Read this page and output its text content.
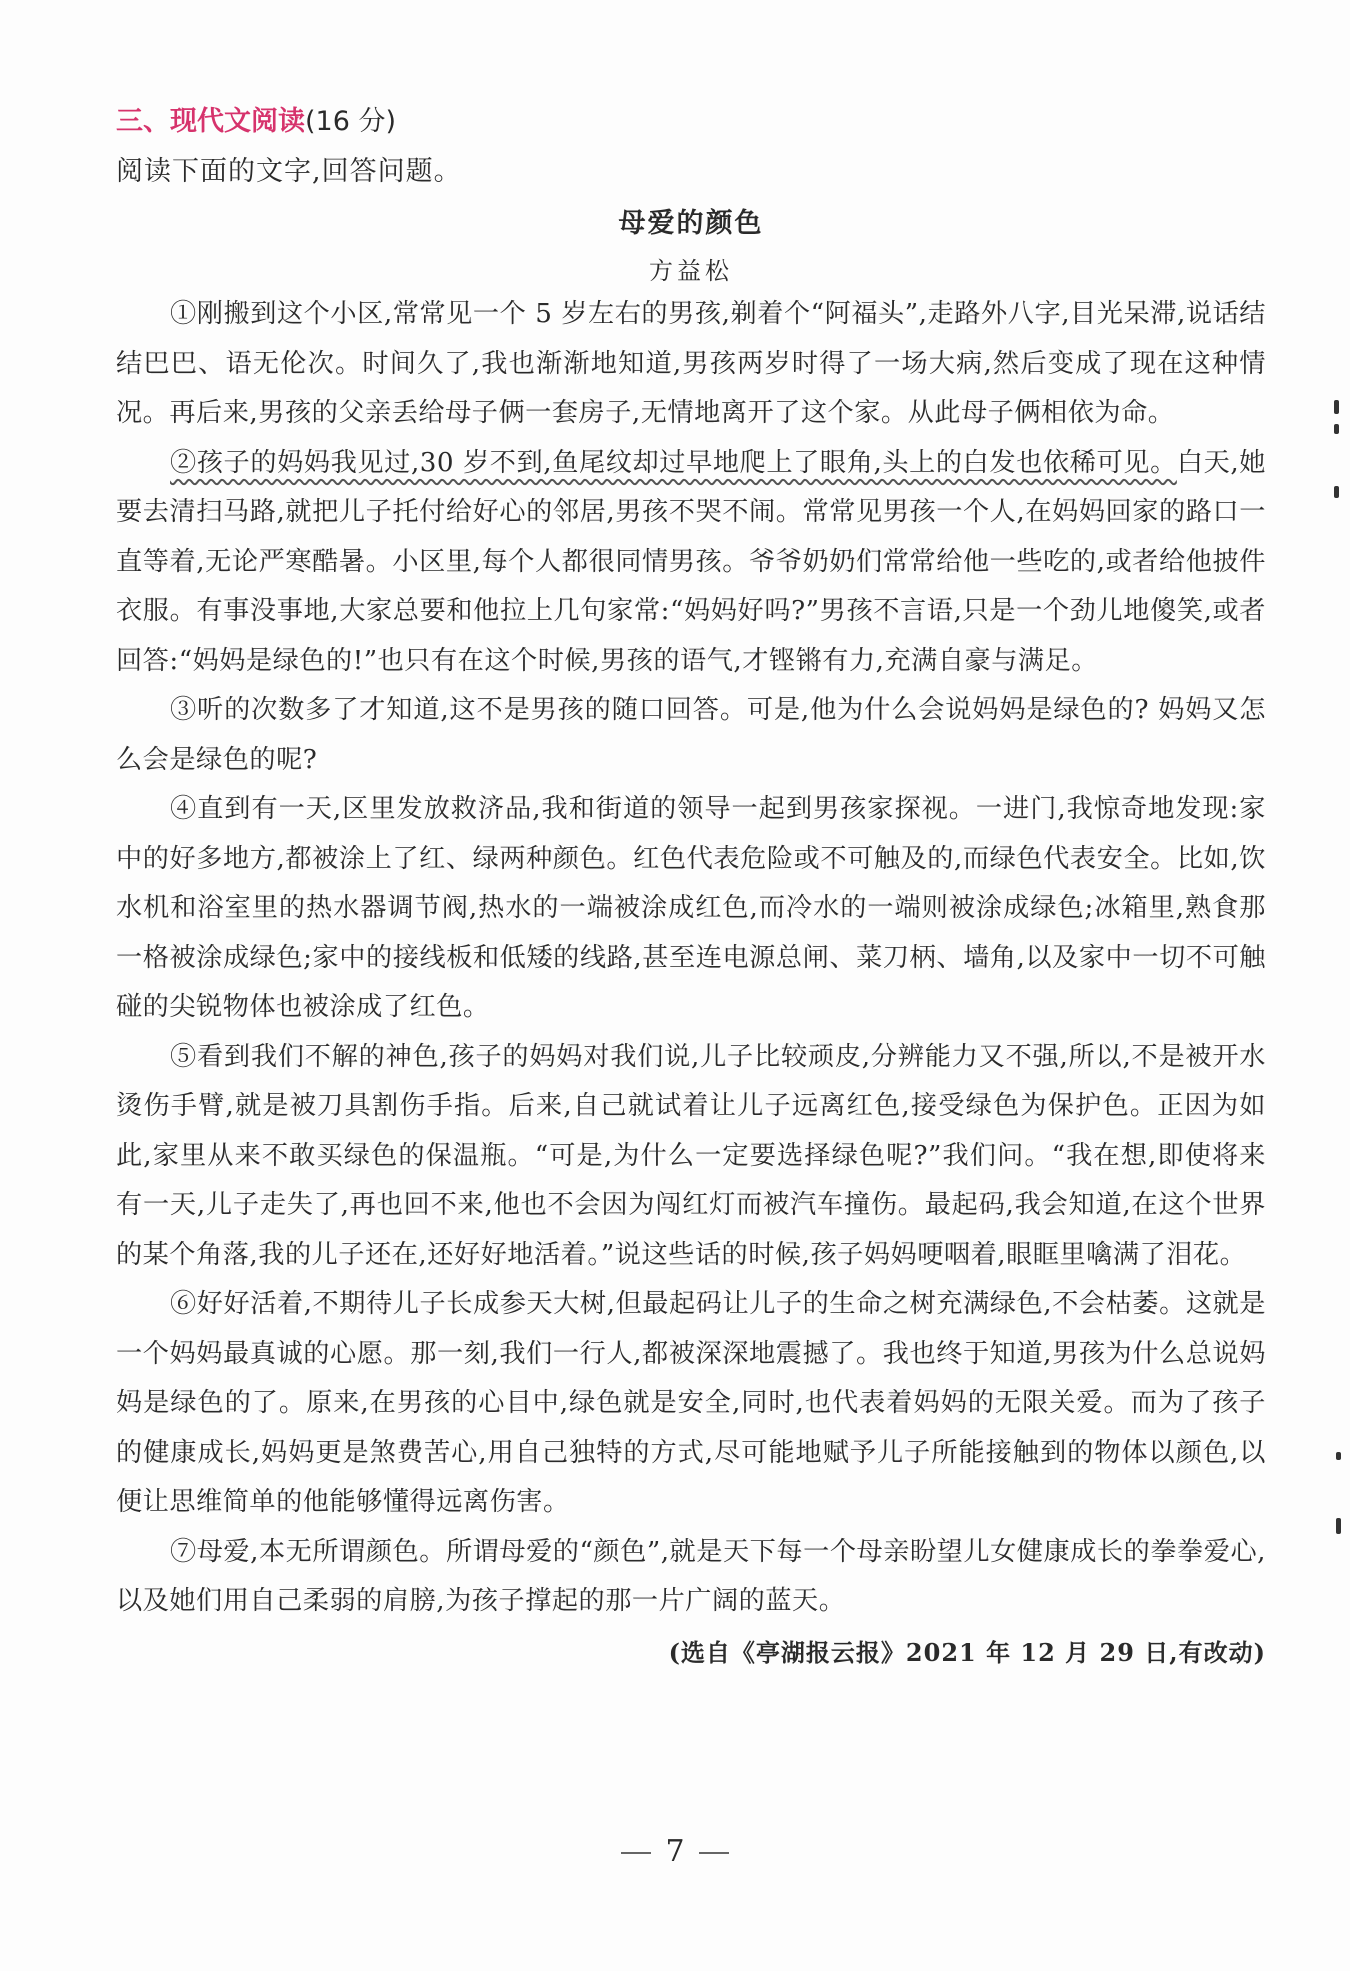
三、现代文阅读(16 分)
阅读下面的文字,回答问题。
母爱的颜色
方益松

①刚搬到这个小区,常常见一个 5 岁左右的男孩,剃着个“阿福头”,走路外八字,目光呆滞,说话结结巴巴、语无伦次。时间久了,我也渐渐地知道,男孩两岁时得了一场大病,然后变成了现在这种情况。再后来,男孩的父亲丢给母子俩一套房子,无情地离开了这个家。从此母子俩相依为命。

②孩子的妈妈我见过,30 岁不到,鱼尾纹却过早地爬上了眼角,头上的白发也依稀可见。白天,她要去清扫马路,就把儿子托付给好心的邻居,男孩不哭不闹。常常见男孩一个人,在妈妈回家的路口一直等着,无论严寒酷暑。小区里,每个人都很同情男孩。爷爷奶奶们常常给他一些吃的,或者给他披件衣服。有事没事地,大家总要和他拉上几句家常:“妈妈好吗?”男孩不言语,只是一个劲儿地傻笑,或者回答:“妈妈是绿色的!”也只有在这个时候,男孩的语气,才铿锵有力,充满自豪与满足。

③听的次数多了才知道,这不是男孩的随口回答。可是,他为什么会说妈妈是绿色的? 妈妈又怎么会是绿色的呢?

④直到有一天,区里发放救济品,我和街道的领导一起到男孩家探视。一进门,我惊奇地发现:家中的好多地方,都被涂上了红、绿两种颜色。红色代表危险或不可触及的,而绿色代表安全。比如,饮水机和浴室里的热水器调节阀,热水的一端被涂成红色,而冷水的一端则被涂成绿色;冰箱里,熟食那一格被涂成绿色;家中的接线板和低矮的线路,甚至连电源总闸、菜刀柄、墙角,以及家中一切不可触碰的尖锐物体也被涂成了红色。

⑤看到我们不解的神色,孩子的妈妈对我们说,儿子比较顽皮,分辨能力又不强,所以,不是被开水烫伤手臂,就是被刀具割伤手指。后来,自己就试着让儿子远离红色,接受绿色为保护色。正因为如此,家里从来不敢买绿色的保温瓶。“可是,为什么一定要选择绿色呢?”我们问。“我在想,即使将来有一天,儿子走失了,再也回不来,他也不会因为闯红灯而被汽车撞伤。最起码,我会知道,在这个世界的某个角落,我的儿子还在,还好好地活着。”说这些话的时候,孩子妈妈哽咽着,眼眶里噙满了泪花。

⑥好好活着,不期待儿子长成参天大树,但最起码让儿子的生命之树充满绿色,不会枯萎。这就是一个妈妈最真诚的心愿。那一刻,我们一行人,都被深深地震撼了。我也终于知道,男孩为什么总说妈妈是绿色的了。原来,在男孩的心目中,绿色就是安全,同时,也代表着妈妈的无限关爱。而为了孩子的健康成长,妈妈更是煞费苦心,用自己独特的方式,尽可能地赋予儿子所能接触到的物体以颜色,以便让思维简单的他能够懂得远离伤害。

⑦母爱,本无所谓颜色。所谓母爱的“颜色”,就是天下每一个母亲盼望儿女健康成长的拳拳爱心,以及她们用自己柔弱的肩膀,为孩子撑起的那一片广阔的蓝天。

(选自《亭湖报云报》2021 年 12 月 29 日,有改动)
7
